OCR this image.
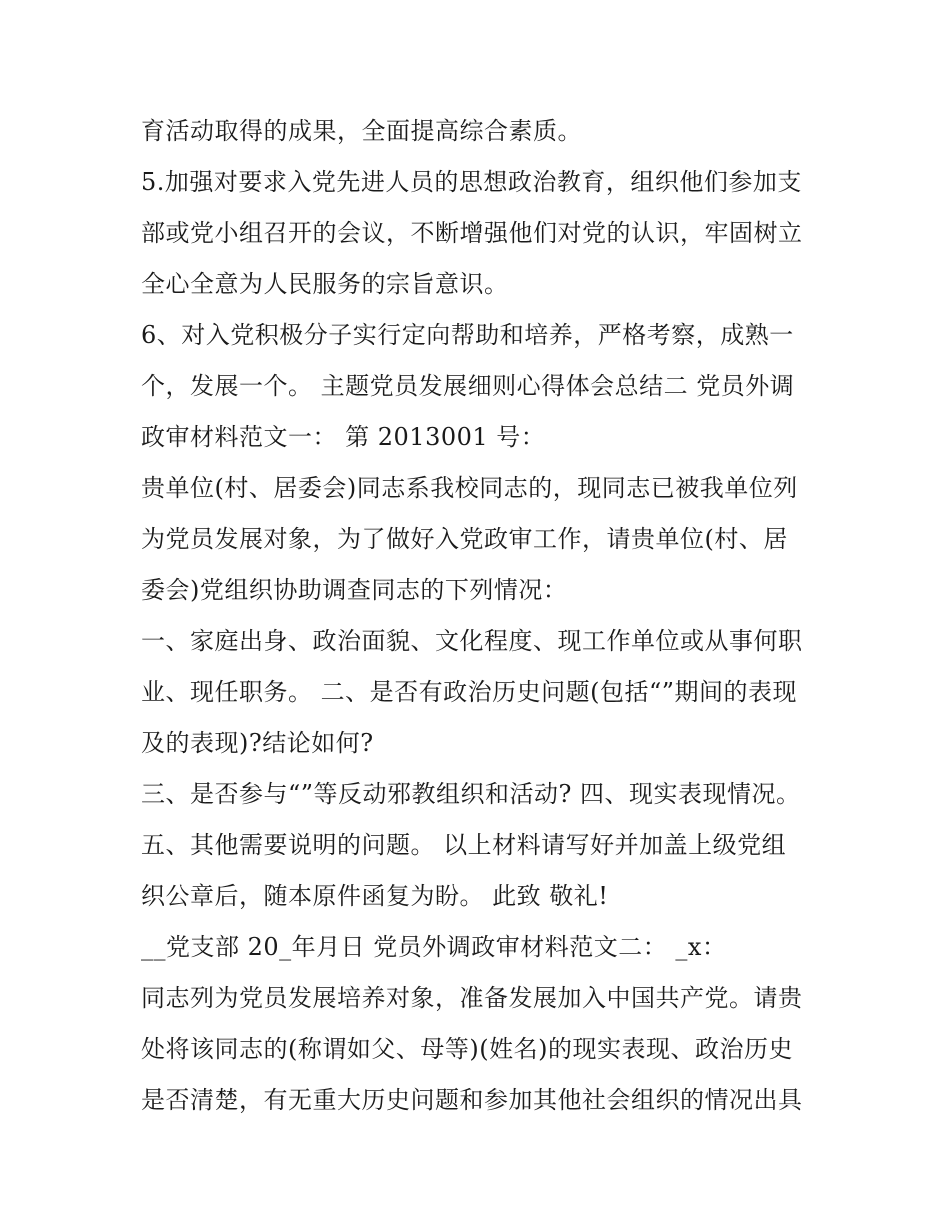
育活动取得的成果，全面提高综合素质。
5.加强对要求入党先进人员的思想政治教育，组织他们参加支
部或党小组召开的会议，不断增强他们对党的认识，牢固树立
全心全意为人民服务的宗旨意识。
6、对入党积极分子实行定向帮助和培养，严格考察，成熟一
个，发展一个。 主题党员发展细则心得体会总结二 党员外调
政审材料范文一： 第 2013001 号：
贵单位(村、居委会)同志系我校同志的，现同志已被我单位列
为党员发展对象，为了做好入党政审工作，请贵单位(村、居
委会)党组织协助调查同志的下列情况：
一、家庭出身、政治面貌、文化程度、现工作单位或从事何职
业、现任职务。 二、是否有政治历史问题(包括“”期间的表现
及的表现)?结论如何?
三、是否参与“”等反动邪教组织和活动? 四、现实表现情况。
五、其他需要说明的问题。 以上材料请写好并加盖上级党组
织公章后，随本原件函复为盼。 此致 敬礼!
__党支部 20_年月日 党员外调政审材料范文二： _x：
同志列为党员发展培养对象，准备发展加入中国共产党。请贵
处将该同志的(称谓如父、母等)(姓名)的现实表现、政治历史
是否清楚，有无重大历史问题和参加其他社会组织的情况出具
